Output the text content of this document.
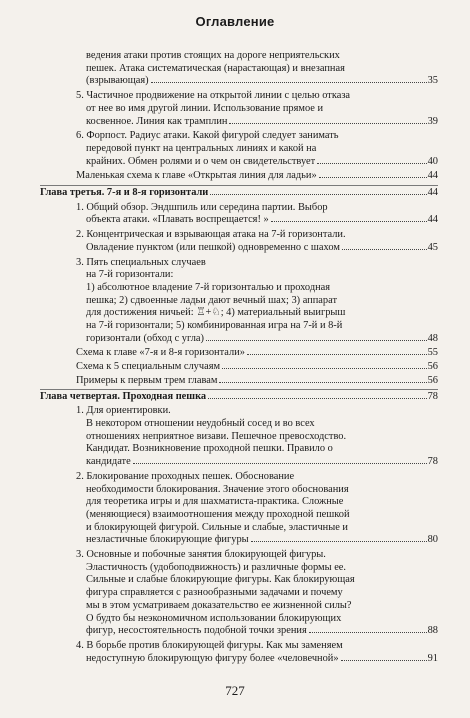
Оглавление
ведения атаки против стоящих на дороге неприятельских
пешек. Атака систематическая (нарастающая) и внезапная
(взрывающая)	35
5. Частичное продвижение на открытой линии с целью отказа
от нее во имя другой линии. Использование прямое и
косвенное. Линия как трамплин	39
6. Форпост. Радиус атаки. Какой фигурой следует занимать
передовой пункт на центральных линиях и какой на
крайних. Обмен ролями и о чем он свидетельствует	40
Маленькая схема к главе «Открытая линия для ладьи»	44
Глава третья. 7-я и 8-я горизонтали	44
1. Общий обзор. Эндшпиль или середина партии. Выбор
объекта атаки. «Плавать воспрещается! »	44
2. Концентрическая и взрывающая атака на 7-й горизонтали.
Овладение пунктом (или пешкой) одновременно с шахом	45
3. Пять специальных случаев
на 7-й горизонтали:
1) абсолютное владение 7-й горизонталью и проходная
пешка; 2) сдвоенные ладьи дают вечный шах; 3) аппарат
для достижения ничьей: ♖+♘; 4) материальный выигрыш
на 7-й горизонтали; 5) комбинированная игра на 7-й и 8-й
горизонтали (обход с угла)	48
Схема к главе «7-я и 8-я горизонтали»	55
Схема к 5 специальным случаям	56
Примеры к первым трем главам	56
Глава четвертая. Проходная пешка	78
1. Для ориентировки.
В некотором отношении неудобный сосед и во всех
отношениях неприятное визави. Пешечное превосходство.
Кандидат. Возникновение проходной пешки. Правило о
кандидате	78
2. Блокирование проходных пешек. Обоснование
необходимости блокирования. Значение этого обоснования
для теоретика игры и для шахматиста-практика. Сложные
(меняющиеся) взаимоотношения между проходной пешкой
и блокирующей фигурой. Сильные и слабые, эластичные и
незластичные блокирующие фигуры	80
3. Основные и побочные занятия блокирующей фигуры.
Эластичность (удобоподвижность) и различные формы ее.
Сильные и слабые блокирующие фигуры. Как блокирующая
фигура справляется с разнообразными задачами и почему
мы в этом усматриваем доказательство ее жизненной силы?
О будто бы неэкономичном использовании блокирующих
фигур, несостоятельность подобной точки зрения	88
4. В борьбе против блокирующей фигуры. Как мы заменяем
недоступную блокирующую фигуру более «человечной»	91
727
